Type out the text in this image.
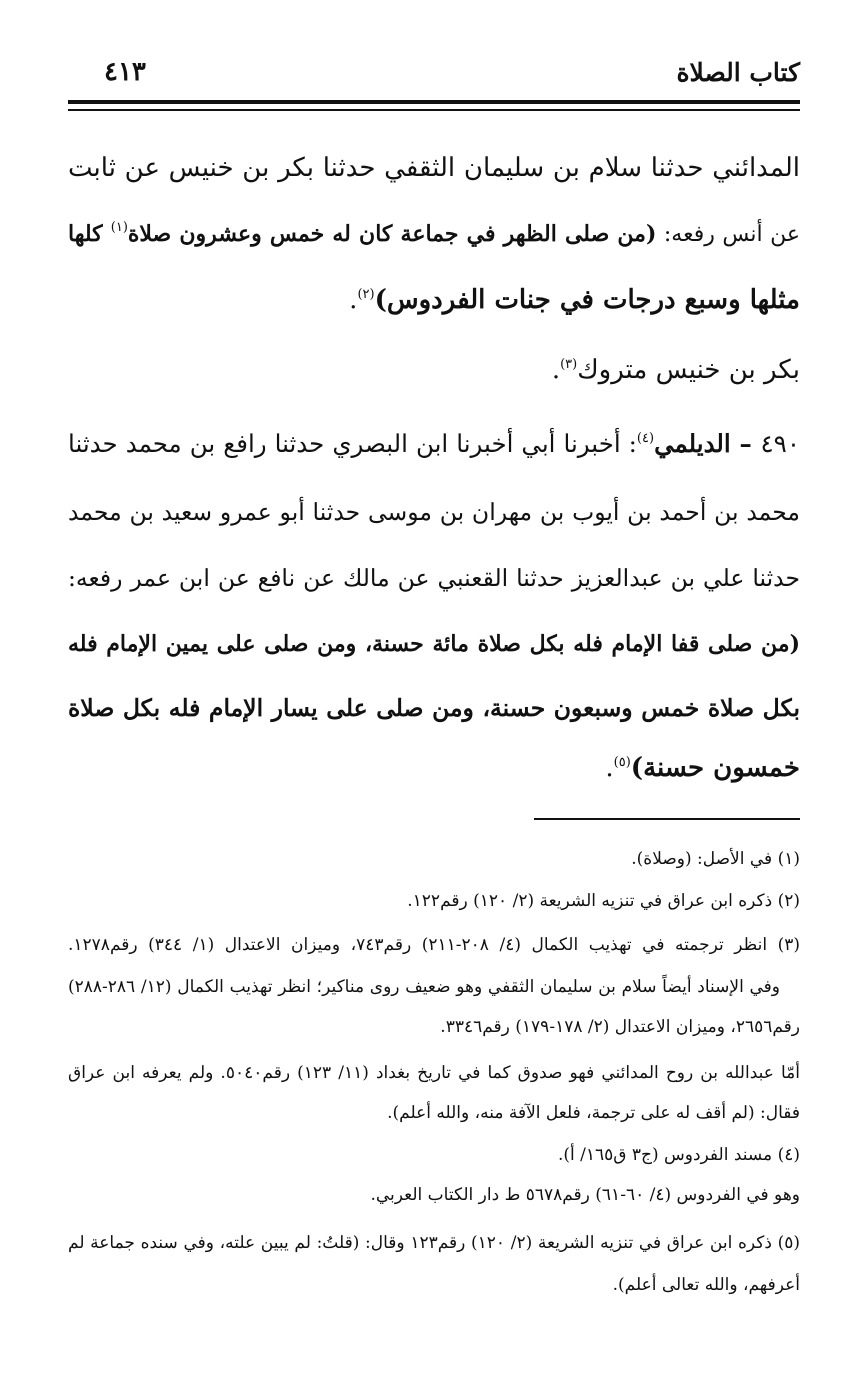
كتاب الصلاة
٤١٣
المدائني حدثنا سلام بن سليمان الثقفي حدثنا بكر بن خنيس عن ثابت
عن أنس رفعه: (من صلى الظهر في جماعة كان له خمس وعشرون صلاة$^{(١)}$ كلها
مثلها وسبع درجات في جنات الفردوس)$^{(٢)}$.
بكر بن خنيس متروك$^{(٣)}$.
٤٩٠ – الديلمي$^{(٤)}$: أخبرنا أبي أخبرنا ابن البصري حدثنا رافع بن محمد حدثنا
محمد بن أحمد بن أيوب بن مهران بن موسى حدثنا أبو عمرو سعيد بن محمد
حدثنا علي بن عبدالعزيز حدثنا القعنبي عن مالك عن نافع عن ابن عمر رفعه:
(من صلى قفا الإمام فله بكل صلاة مائة حسنة، ومن صلى على يمين الإمام فله
بكل صلاة خمس وسبعون حسنة، ومن صلى على يسار الإمام فله بكل صلاة
خمسون حسنة)$^{(٥)}$.
(١) في الأصل: (وصلاة).
(٢) ذكره ابن عراق في تنزيه الشريعة (٢/ ١٢٠) رقم١٢٢.
(٣) انظر ترجمته في تهذيب الكمال (٤/ ٢٠٨-٢١١) رقم٧٤٣، وميزان الاعتدال (١/ ٣٤٤) رقم١٢٧٨.
وفي الإسناد أيضاً سلام بن سليمان الثقفي وهو ضعيف روى مناكير؛ انظر تهذيب الكمال (١٢/ ٢٨٦-٢٨٨)
رقم٢٦٥٦، وميزان الاعتدال (٢/ ١٧٨-١٧٩) رقم٣٣٤٦.
أمّا عبدالله بن روح المدائني فهو صدوق كما في تاريخ بغداد (١١/ ١٢٣) رقم٥٠٤٠. ولم يعرفه ابن عراق
فقال: (لم أقف له على ترجمة، فلعل الآفة منه، والله أعلم).
(٤) مسند الفردوس (ج٣ ق١٦٥/ أ).
وهو في الفردوس (٤/ ٦٠-٦١) رقم٥٦٧٨ ط دار الكتاب العربي.
(٥) ذكره ابن عراق في تنزيه الشريعة (٢/ ١٢٠) رقم١٢٣ وقال: (قلتُ: لم يبين علته، وفي سنده جماعة لم
أعرفهم، والله تعالى أعلم).
